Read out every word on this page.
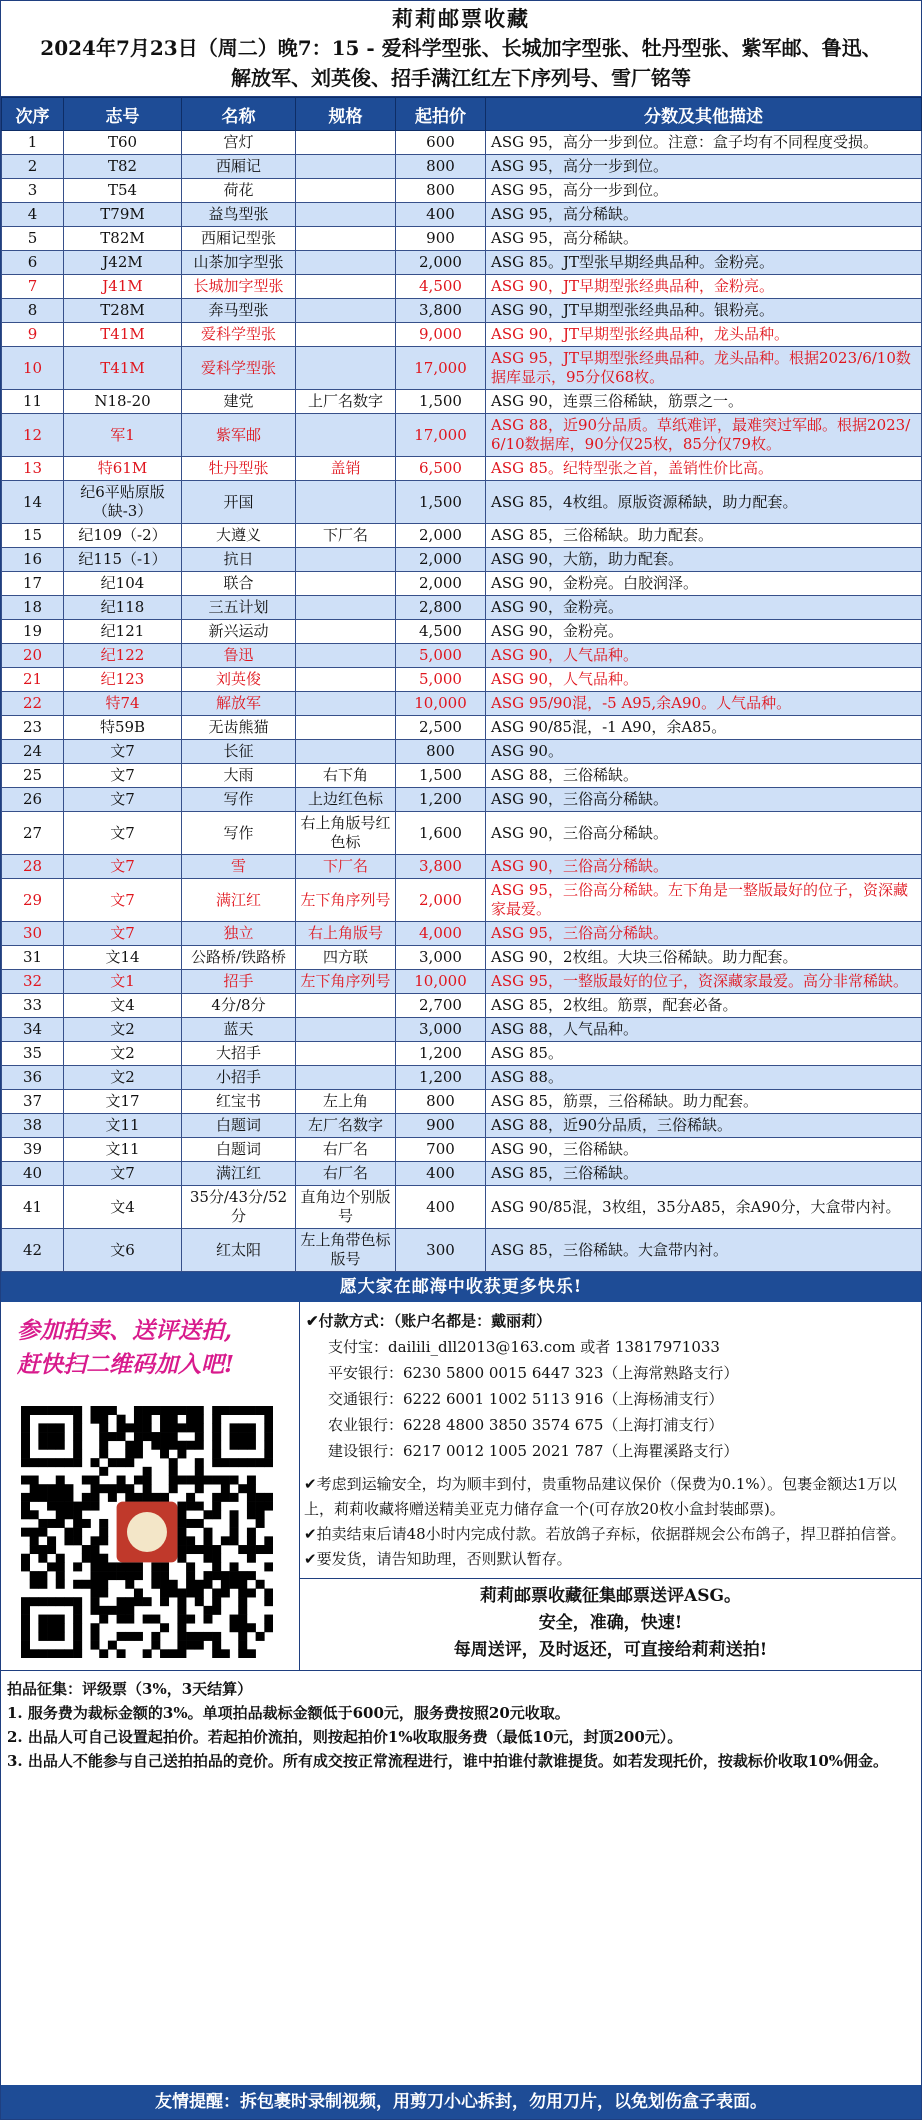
莉莉邮票收藏
2024年7月23日（周二）晚7：15 - 爱科学型张、长城加字型张、牡丹型张、紫军邮、鲁迅、
解放军、刘英俊、招手满江红左下序列号、雪厂铭等
次序	志号	名称	规格	起拍价	分数及其他描述
1	T60	宫灯		600	ASG 95，高分一步到位。注意：盒子均有不同程度受损。
2	T82	西厢记		800	ASG 95，高分一步到位。
3	T54	荷花		800	ASG 95，高分一步到位。
4	T79M	益鸟型张		400	ASG 95，高分稀缺。
5	T82M	西厢记型张		900	ASG 95，高分稀缺。
6	J42M	山茶加字型张		2,000	ASG 85。JT型张早期经典品种。金粉亮。
7	J41M	长城加字型张		4,500	ASG 90，JT早期型张经典品种，金粉亮。
8	T28M	奔马型张		3,800	ASG 90，JT早期型张经典品种。银粉亮。
9	T41M	爱科学型张		9,000	ASG 90，JT早期型张经典品种，龙头品种。
10	T41M	爱科学型张		17,000	ASG 95，JT早期型张经典品种。龙头品种。根据2023/6/10数据库显示，95分仅68枚。
11	N18-20	建党	上厂名数字	1,500	ASG 90，连票三俗稀缺，筋票之一。
12	军1	紫军邮		17,000	ASG 88，近90分品质。草纸难评，最难突过军邮。根据2023/6/10数据库，90分仅25枚，85分仅79枚。
13	特61M	牡丹型张	盖销	6,500	ASG 85。纪特型张之首，盖销性价比高。
14	纪6平贴原版（缺-3）	开国		1,500	ASG 85，4枚组。原版资源稀缺，助力配套。
15	纪109（-2）	大遵义	下厂名	2,000	ASG 85，三俗稀缺。助力配套。
16	纪115（-1）	抗日		2,000	ASG 90，大筋，助力配套。
17	纪104	联合		2,000	ASG 90，金粉亮。白胶润泽。
18	纪118	三五计划		2,800	ASG 90，金粉亮。
19	纪121	新兴运动		4,500	ASG 90，金粉亮。
20	纪122	鲁迅		5,000	ASG 90，人气品种。
21	纪123	刘英俊		5,000	ASG 90，人气品种。
22	特74	解放军		10,000	ASG 95/90混，-5 A95,余A90。人气品种。
23	特59B	无齿熊猫		2,500	ASG 90/85混，-1 A90，余A85。
24	文7	长征		800	ASG 90。
25	文7	大雨	右下角	1,500	ASG 88，三俗稀缺。
26	文7	写作	上边红色标	1,200	ASG 90，三俗高分稀缺。
27	文7	写作	右上角版号红色标	1,600	ASG 90，三俗高分稀缺。
28	文7	雪	下厂名	3,800	ASG 90，三俗高分稀缺。
29	文7	满江红	左下角序列号	2,000	ASG 95，三俗高分稀缺。左下角是一整版最好的位子，资深藏家最爱。
30	文7	独立	右上角版号	4,000	ASG 95，三俗高分稀缺。
31	文14	公路桥/铁路桥	四方联	3,000	ASG 90，2枚组。大块三俗稀缺。助力配套。
32	文1	招手	左下角序列号	10,000	ASG 95，一整版最好的位子，资深藏家最爱。高分非常稀缺。
33	文4	4分/8分		2,700	ASG 85，2枚组。筋票，配套必备。
34	文2	蓝天		3,000	ASG 88，人气品种。
35	文2	大招手		1,200	ASG 85。
36	文2	小招手		1,200	ASG 88。
37	文17	红宝书	左上角	800	ASG 85，筋票，三俗稀缺。助力配套。
38	文11	白题词	左厂名数字	900	ASG 88，近90分品质，三俗稀缺。
39	文11	白题词	右厂名	700	ASG 90，三俗稀缺。
40	文7	满江红	右厂名	400	ASG 85，三俗稀缺。
41	文4	35分/43分/52分	直角边个别版号	400	ASG 90/85混，3枚组，35分A85，余A90分，大盒带内衬。
42	文6	红太阳	左上角带色标版号	300	ASG 85，三俗稀缺。大盒带内衬。
愿大家在邮海中收获更多快乐!
参加拍卖、送评送拍,
赶快扫二维码加入吧!
✔付款方式：（账户名都是：戴丽莉）
支付宝：dailili_dll2013@163.com 或者 13817971033
平安银行：6230 5800 0015 6447 323（上海常熟路支行）
交通银行：6222 6001 1002 5113 916（上海杨浦支行）
农业银行：6228 4800 3850 3574 675（上海打浦支行）
建设银行：6217 0012 1005 2021 787（上海瞿溪路支行）
✔考虑到运输安全，均为顺丰到付，贵重物品建议保价（保费为0.1%）。包裹金额达1万以上，莉莉收藏将赠送精美亚克力储存盒一个(可存放20枚小盒封装邮票)。
✔拍卖结束后请48小时内完成付款。若放鸽子弃标，依据群规会公布鸽子，捍卫群拍信誉。
✔要发货，请告知助理，否则默认暂存。
莉莉邮票收藏征集邮票送评ASG。
安全，准确，快速!
每周送评，及时返还，可直接给莉莉送拍!
拍品征集：评级票（3%，3天结算）
1. 服务费为裁标金额的3%。单项拍品裁标金额低于600元，服务费按照20元收取。
2. 出品人可自己设置起拍价。若起拍价流拍，则按起拍价1%收取服务费（最低10元，封顶200元）。
3. 出品人不能参与自己送拍拍品的竞价。所有成交按正常流程进行，谁中拍谁付款谁提货。如若发现托价，按裁标价收取10%佣金。
友情提醒：拆包裹时录制视频，用剪刀小心拆封，勿用刀片，以免划伤盒子表面。
